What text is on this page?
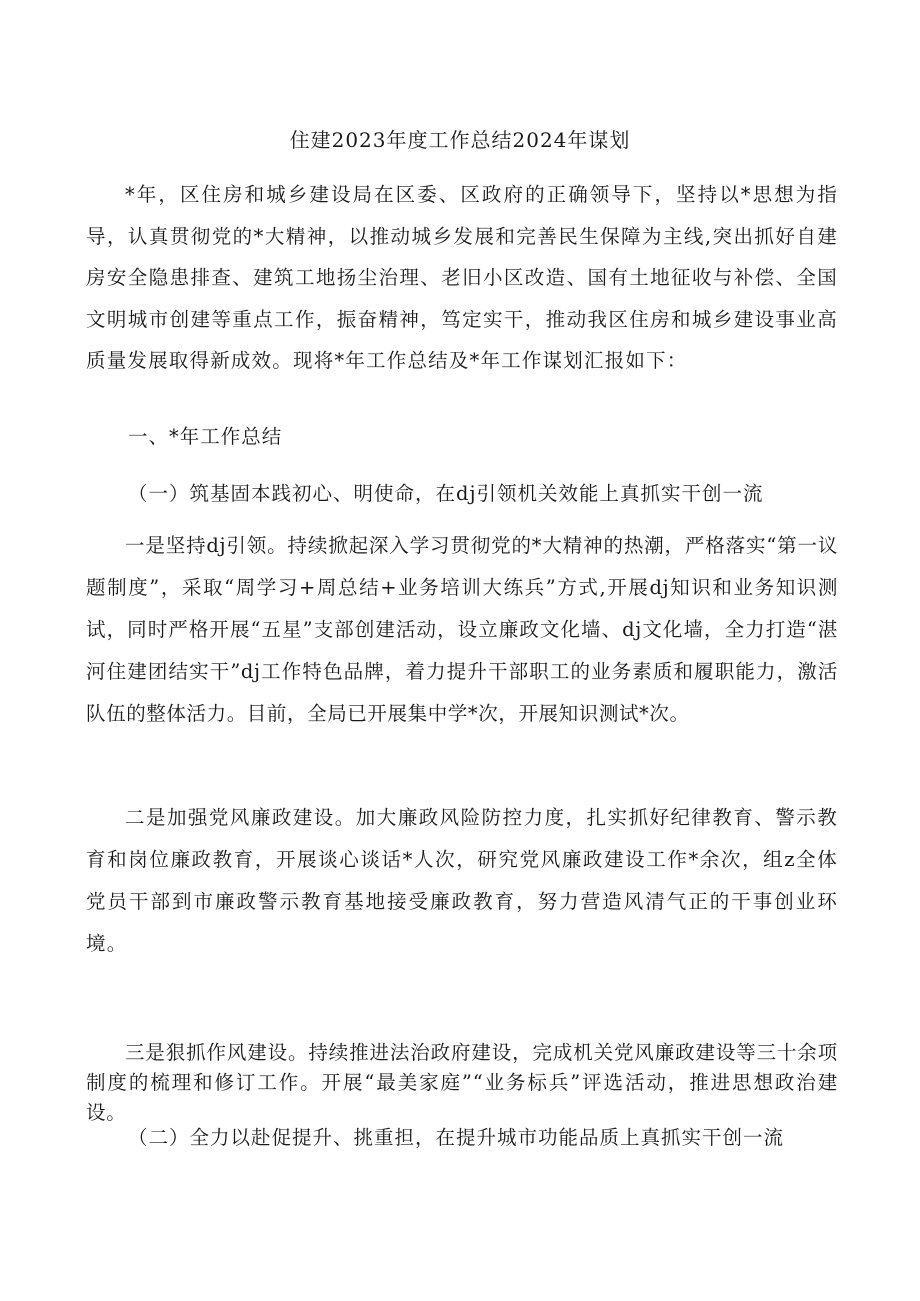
住建2023年度工作总结2024年谋划

*年，区住房和城乡建设局在区委、区政府的正确领导下，坚持以*思想为指导，认真贯彻党的*大精神，以推动城乡发展和完善民生保障为主线,突出抓好自建房安全隐患排查、建筑工地扬尘治理、老旧小区改造、国有土地征收与补偿、全国文明城市创建等重点工作，振奋精神，笃定实干，推动我区住房和城乡建设事业高质量发展取得新成效。现将*年工作总结及*年工作谋划汇报如下：

一、*年工作总结
（一）筑基固本践初心、明使命，在dj引领机关效能上真抓实干创一流

一是坚持dj引领。持续掀起深入学习贯彻党的*大精神的热潮，严格落实“第一议题制度”，采取“周学习+周总结+业务培训大练兵”方式,开展dj知识和业务知识测试，同时严格开展“五星”支部创建活动，设立廉政文化墙、dj文化墙，全力打造“湛河住建团结实干”dj工作特色品牌，着力提升干部职工的业务素质和履职能力，激活队伍的整体活力。目前，全局已开展集中学*次，开展知识测试*次。

二是加强党风廉政建设。加大廉政风险防控力度，扎实抓好纪律教育、警示教育和岗位廉政教育，开展谈心谈话*人次，研究党风廉政建设工作*余次，组z全体党员干部到市廉政警示教育基地接受廉政教育，努力营造风清气正的干事创业环境。

三是狠抓作风建设。持续推进法治政府建设，完成机关党风廉政建设等三十余项制度的梳理和修订工作。开展“最美家庭”“业务标兵”评选活动，推进思想政治建设。

（二）全力以赴促提升、挑重担，在提升城市功能品质上真抓实干创一流
